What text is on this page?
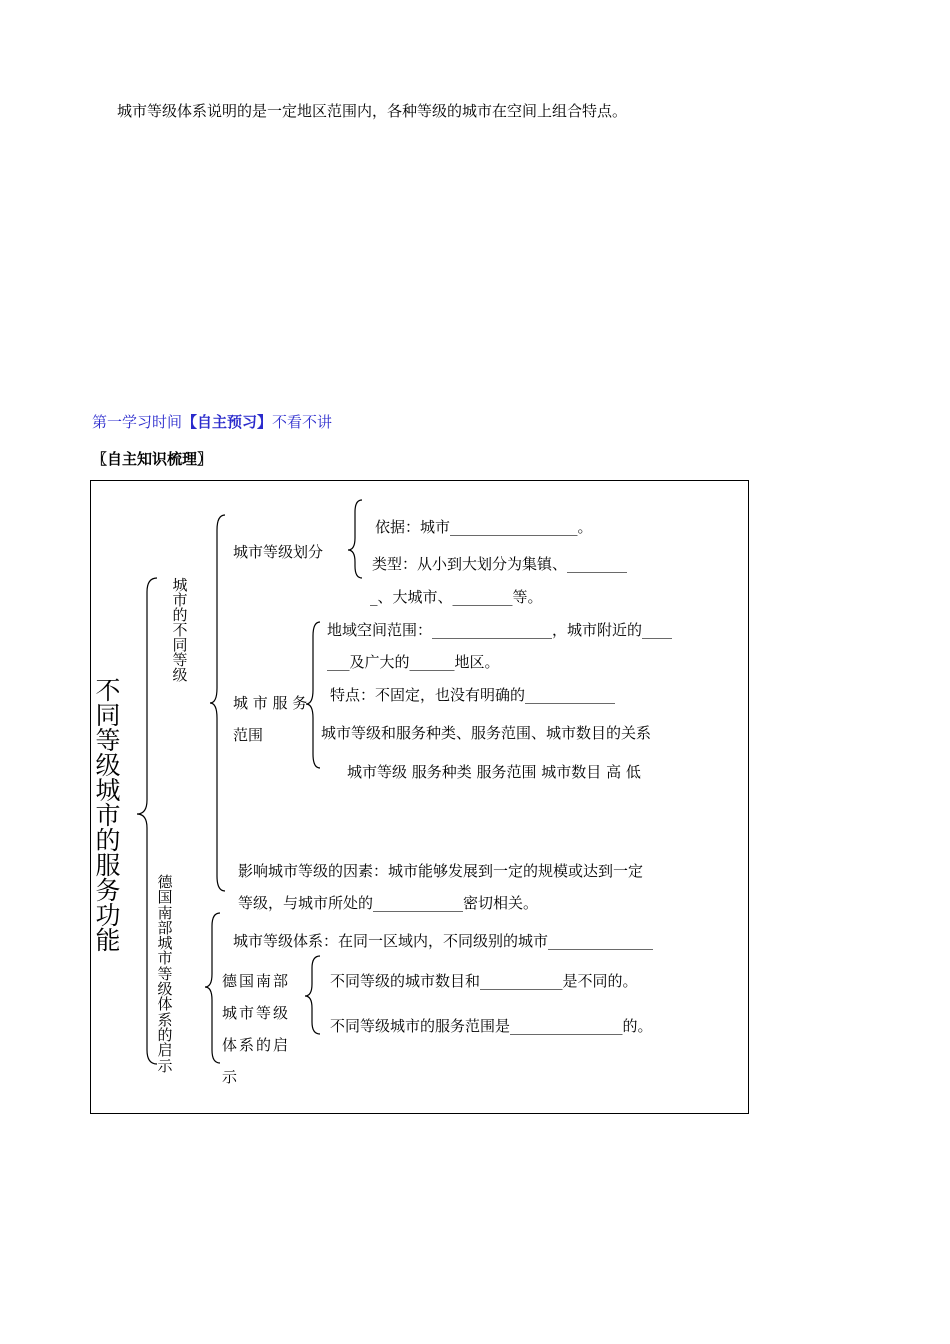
城市等级体系说明的是一定地区范围内，各种等级的城市在空间上组合特点。
第一学习时间【自主预习】不看不讲
〖自主知识梳理〗
不
同
等
级
城
市
的
服
务
功
能
城
市
的
不
同
等
级
德
国
南
部
城
市
等
级
体
系
的
启
示
城市等级划分
依据：城市_________________。
类型：从小到大划分为集镇、________
_、大城市、________等。
城 市 服 务
范围
地域空间范围：________________，城市附近的____
___及广大的______地区。
特点：不固定，也没有明确的____________
城市等级和服务种类、服务范围、城市数目的关系
城市等级 服务种类 服务范围 城市数目 高 低
影响城市等级的因素：城市能够发展到一定的规模或达到一定
等级，与城市所处的____________密切相关。
城市等级体系：在同一区域内，不同级别的城市______________
德国南部
城市等级
体系的启
示
不同等级的城市数目和___________是不同的。
不同等级城市的服务范围是_______________的。
